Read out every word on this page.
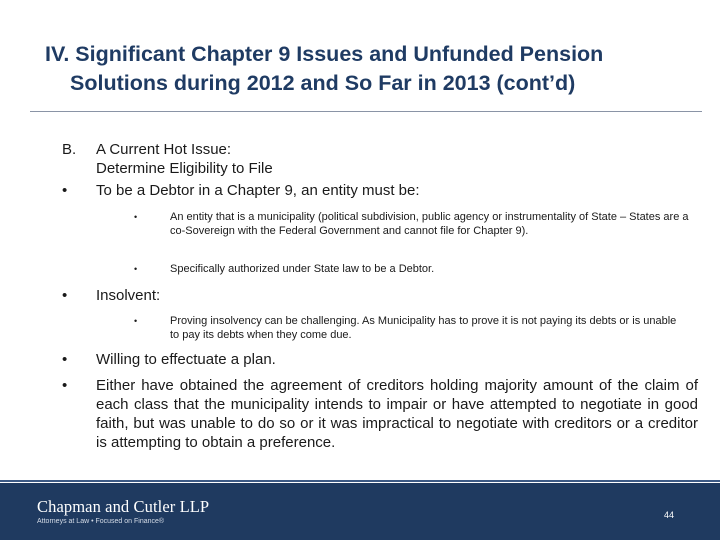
IV. Significant Chapter 9 Issues and Unfunded Pension
Solutions during 2012 and So Far in 2013 (cont’d)
B. A Current Hot Issue:
Determine Eligibility to File
• To be a Debtor in a Chapter 9, an entity must be:
•	An entity that is a municipality (political subdivision, public agency or instrumentality of State – States are a co-Sovereign with the Federal Government and cannot file for Chapter 9).
•	Specifically authorized under State law to be a Debtor.
• Insolvent:
•	Proving insolvency can be challenging. As Municipality has to prove it is not paying its debts or is unable to pay its debts when they come due.
• Willing to effectuate a plan.
• Either have obtained the agreement of creditors holding majority amount of the claim of each class that the municipality intends to impair or have attempted to negotiate in good faith, but was unable to do so or it was impractical to negotiate with creditors or a creditor is attempting to obtain a preference.
Chapman and Cutler LLP
Attorneys at Law • Focused on Finance®
44
